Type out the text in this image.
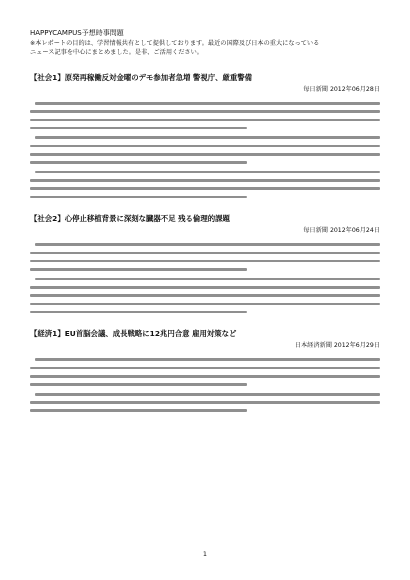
HAPPYCAMPUS予想時事問題
※本レポートの目的は、学習情報共有として提供しております。最近の国際及び日本の重大になっている
ニュース記事を中心にまとめました。是非、ご活用ください。
【社会1】原発再稼働反対金曜のデモ参加者急増 警視庁、厳重警備
毎日新聞 2012年06月28日
【社会2】心停止移植背景に深刻な臓器不足 残る倫理的課題
毎日新聞 2012年06月24日
【経済1】EU首脳会議、成長戦略に12兆円合意 雇用対策など
日本経済新聞 2012年6月29日
1
